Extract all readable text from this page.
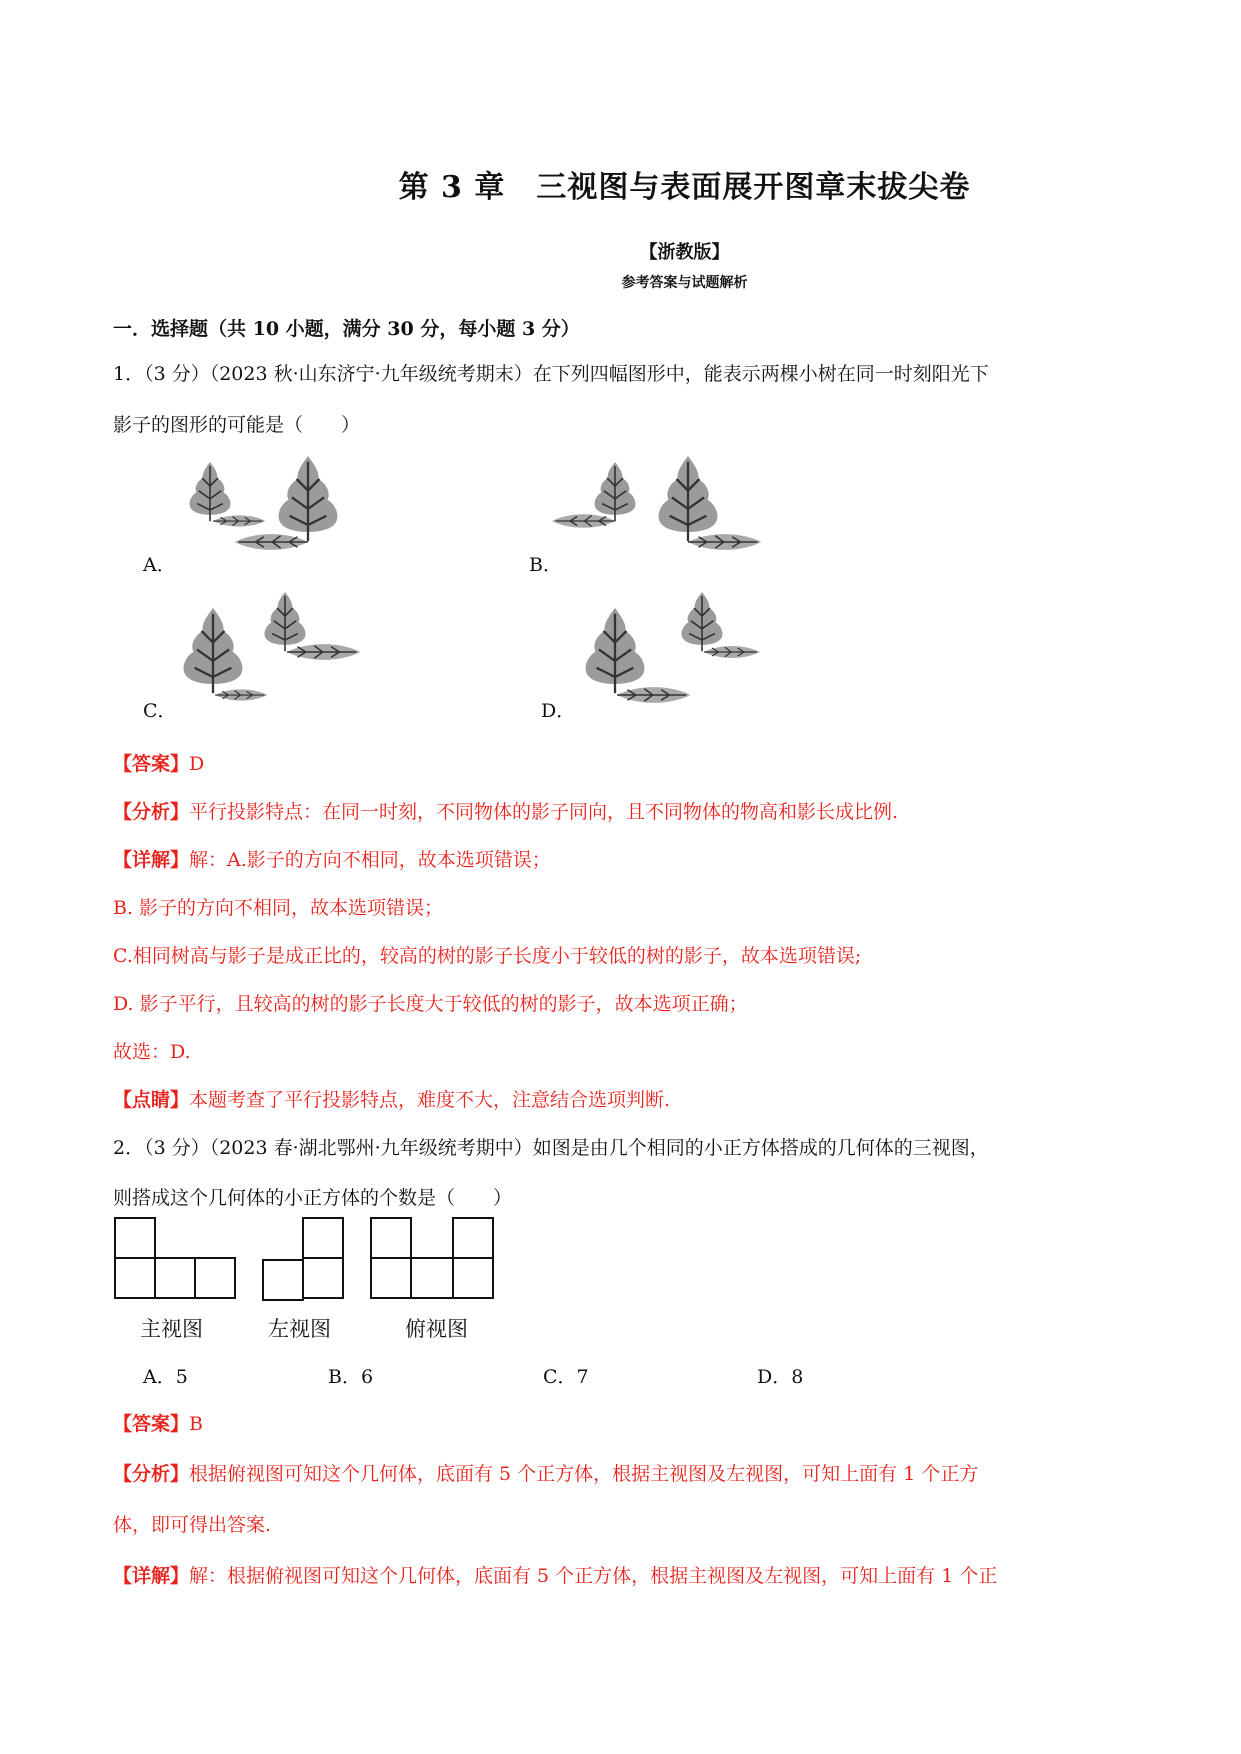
第 3 章　三视图与表面展开图章末拔尖卷
【浙教版】
参考答案与试题解析
一．选择题（共 10 小题，满分 30 分，每小题 3 分）
1．（3 分）（2023 秋·山东济宁·九年级统考期末）在下列四幅图形中，能表示两棵小树在同一时刻阳光下
影子的图形的可能是（　　）
A．	B．
C．	D．
【答案】D
【分析】平行投影特点：在同一时刻，不同物体的影子同向，且不同物体的物高和影长成比例.
【详解】解：A.影子的方向不相同，故本选项错误；
B. 影子的方向不相同，故本选项错误；
C.相同树高与影子是成正比的，较高的树的影子长度小于较低的树的影子，故本选项错误;
D. 影子平行，且较高的树的影子长度大于较低的树的影子，故本选项正确；
故选：D.
【点睛】本题考查了平行投影特点，难度不大，注意结合选项判断.
2．（3 分）（2023 春·湖北鄂州·九年级统考期中）如图是由几个相同的小正方体搭成的几何体的三视图，
则搭成这个几何体的小正方体的个数是（　　）
主视图	左视图	俯视图
A．5	B．6	C．7	D．8
【答案】B
【分析】根据俯视图可知这个几何体，底面有 5 个正方体，根据主视图及左视图，可知上面有 1 个正方
体，即可得出答案.
【详解】解：根据俯视图可知这个几何体，底面有 5 个正方体，根据主视图及左视图，可知上面有 1 个正
